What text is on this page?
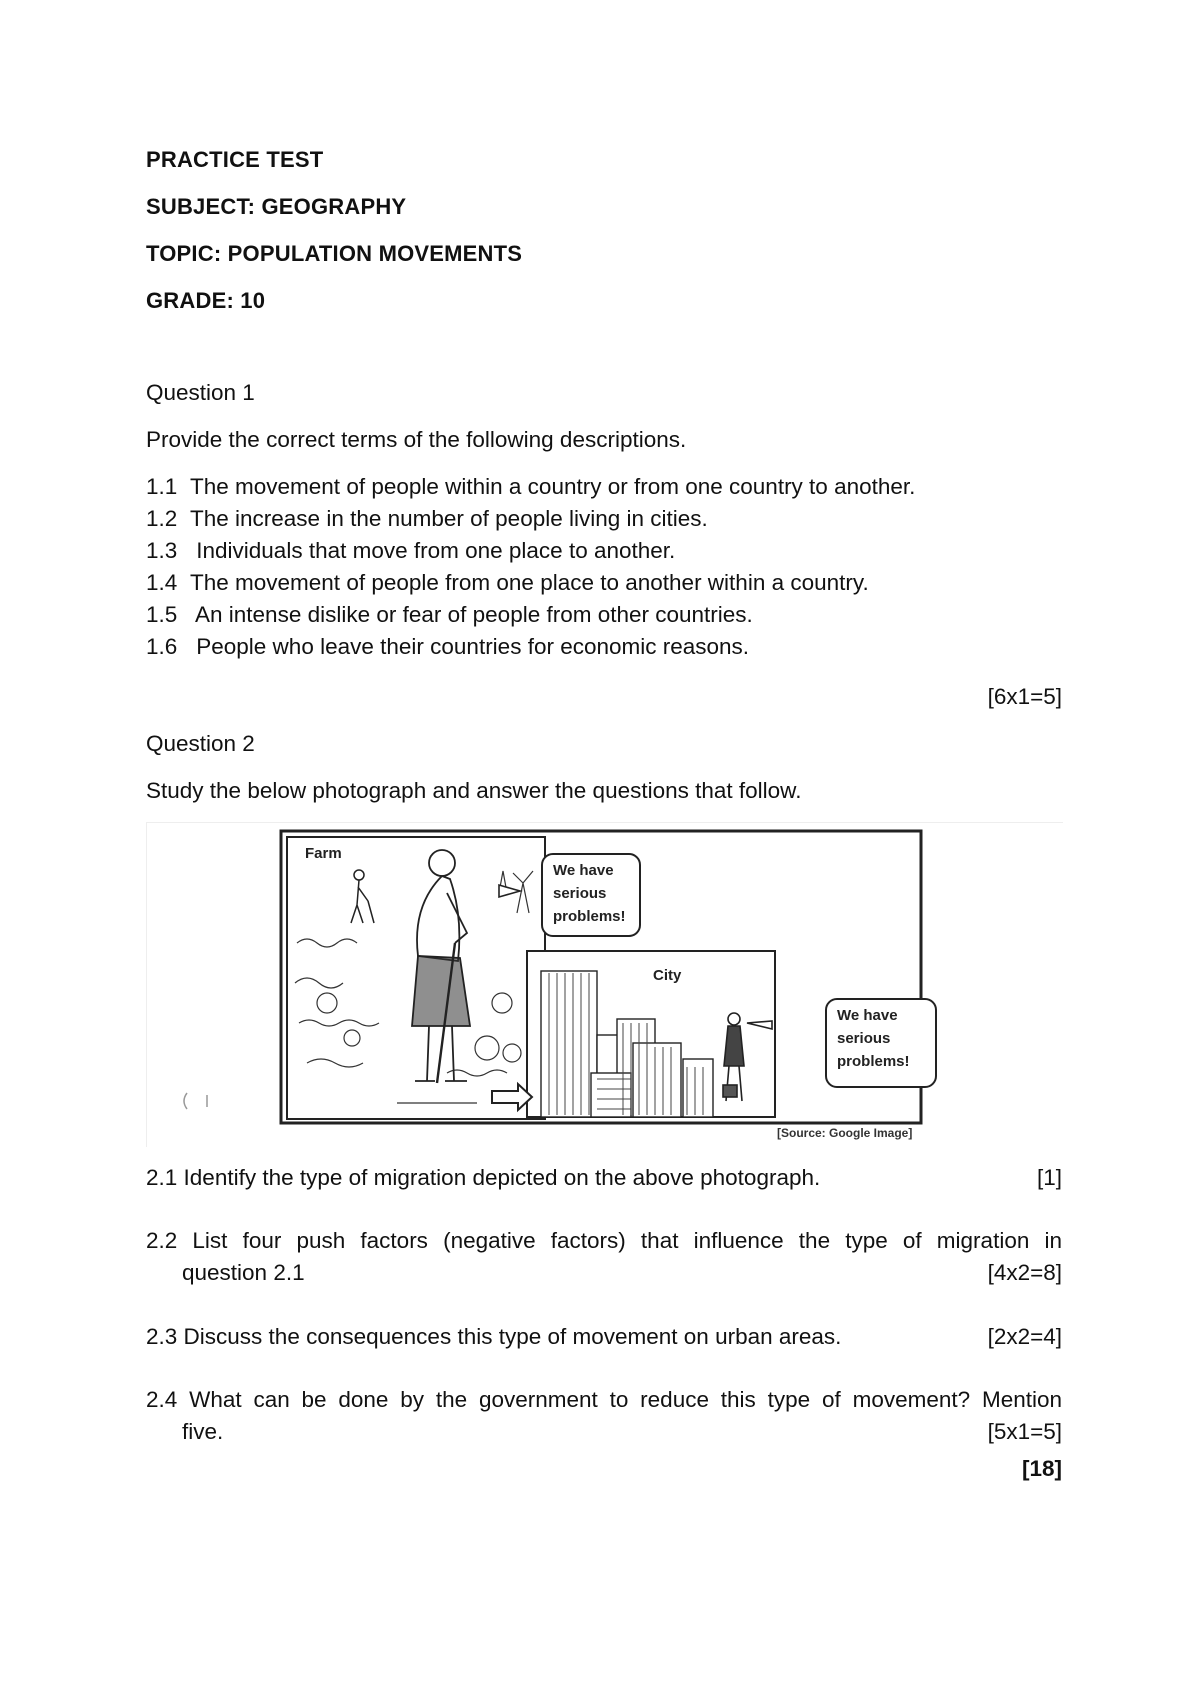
PRACTICE TEST
SUBJECT: GEOGRAPHY
TOPIC: POPULATION MOVEMENTS
GRADE: 10
Question 1
Provide the correct terms of the following descriptions.
1.1 The movement of people within a country or from one country to another.
1.2 The increase in the number of people living in cities.
1.3 Individuals that move from one place to another.
1.4 The movement of people from one place to another within a country.
1.5 An intense dislike or fear of people from other countries.
1.6 People who leave their countries for economic reasons.
[6x1=5]
Question 2
Study the below photograph and answer the questions that follow.
Farm
City
We have serious problems!
We have serious problems!
[Source: Google Image]
2.1 Identify the type of migration depicted on the above photograph.	[1]
2.2 List four push factors (negative factors) that influence the type of migration in
question 2.1	[4x2=8]
2.3 Discuss the consequences this type of movement on urban areas.	[2x2=4]
2.4 What can be done by the government to reduce this type of movement? Mention
five.	[5x1=5]
[18]
